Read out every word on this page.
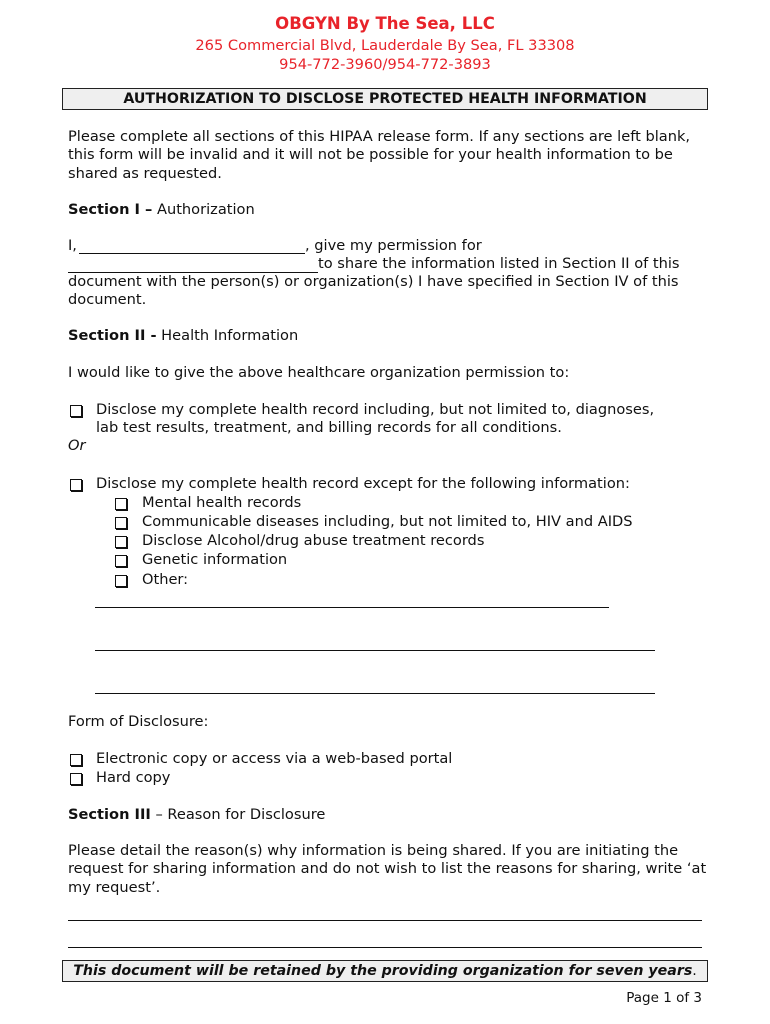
OBGYN By The Sea, LLC
265 Commercial Blvd, Lauderdale By Sea, FL 33308
954-772-3960/954-772-3893
AUTHORIZATION TO DISCLOSE PROTECTED HEALTH INFORMATION
Please complete all sections of this HIPAA release form. If any sections are left blank, this form will be invalid and it will not be possible for your health information to be shared as requested.
Section I – Authorization
I,	, give my permission for
to share the information listed in Section II of this
document with the person(s) or organization(s) I have specified in Section IV of this
document.
Section II - Health Information
I would like to give the above healthcare organization permission to:
Disclose my complete health record including, but not limited to, diagnoses,
lab test results, treatment, and billing records for all conditions.
Or
Disclose my complete health record except for the following information:
Mental health records
Communicable diseases including, but not limited to, HIV and AIDS
Disclose Alcohol/drug abuse treatment records
Genetic information
Other:
Form of Disclosure:
Electronic copy or access via a web-based portal
Hard copy
Section III – Reason for Disclosure
Please detail the reason(s) why information is being shared. If you are initiating the request for sharing information and do not wish to list the reasons for sharing, write ‘at my request’.
This document will be retained by the providing organization for seven years.
Page 1 of 3
